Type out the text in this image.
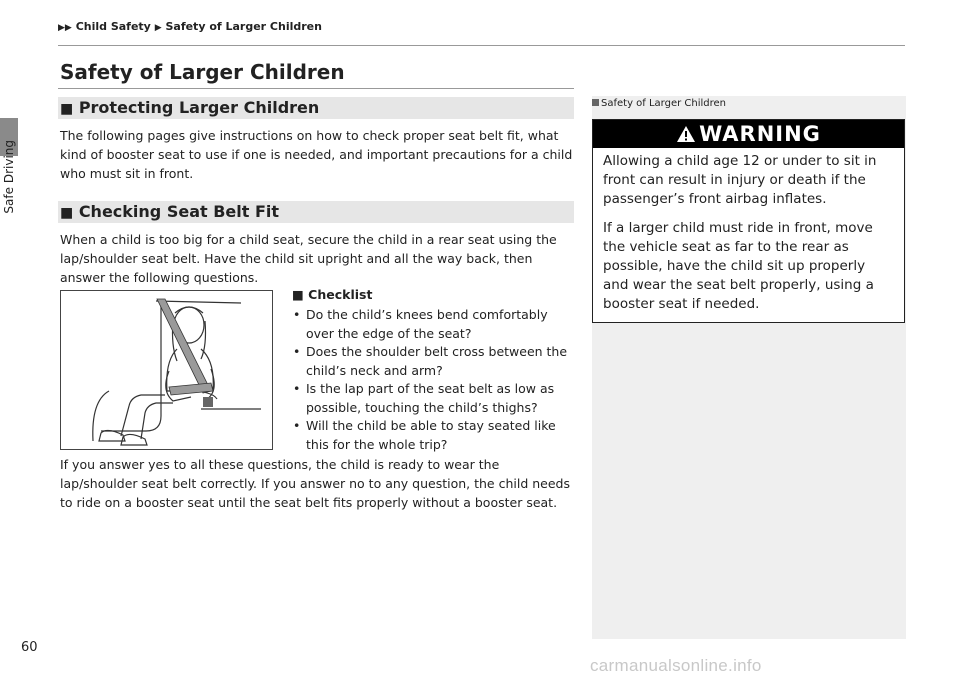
Safe Driving
▶▶ Child Safety ▶ Safety of Larger Children
Safety of Larger Children
■ Protecting Larger Children

The following pages give instructions on how to check proper seat belt fit, what kind of booster seat to use if one is needed, and important precautions for a child who must sit in front.

■ Checking Seat Belt Fit

When a child is too big for a child seat, secure the child in a rear seat using the lap/shoulder seat belt. Have the child sit upright and all the way back, then answer the following questions.

■ Checklist
• Do the child’s knees bend comfortably over the edge of the seat?
• Does the shoulder belt cross between the child’s neck and arm?
• Is the lap part of the seat belt as low as possible, touching the child’s thighs?
• Will the child be able to stay seated like this for the whole trip?

If you answer yes to all these questions, the child is ready to wear the lap/shoulder seat belt correctly. If you answer no to any question, the child needs to ride on a booster seat until the seat belt fits properly without a booster seat.

Safety of Larger Children
WARNING

Allowing a child age 12 or under to sit in front can result in injury or death if the passenger’s front airbag inflates.

If a larger child must ride in front, move the vehicle seat as far to the rear as possible, have the child sit up properly and wear the seat belt properly, using a booster seat if needed.

60
carmanualsonline.info
